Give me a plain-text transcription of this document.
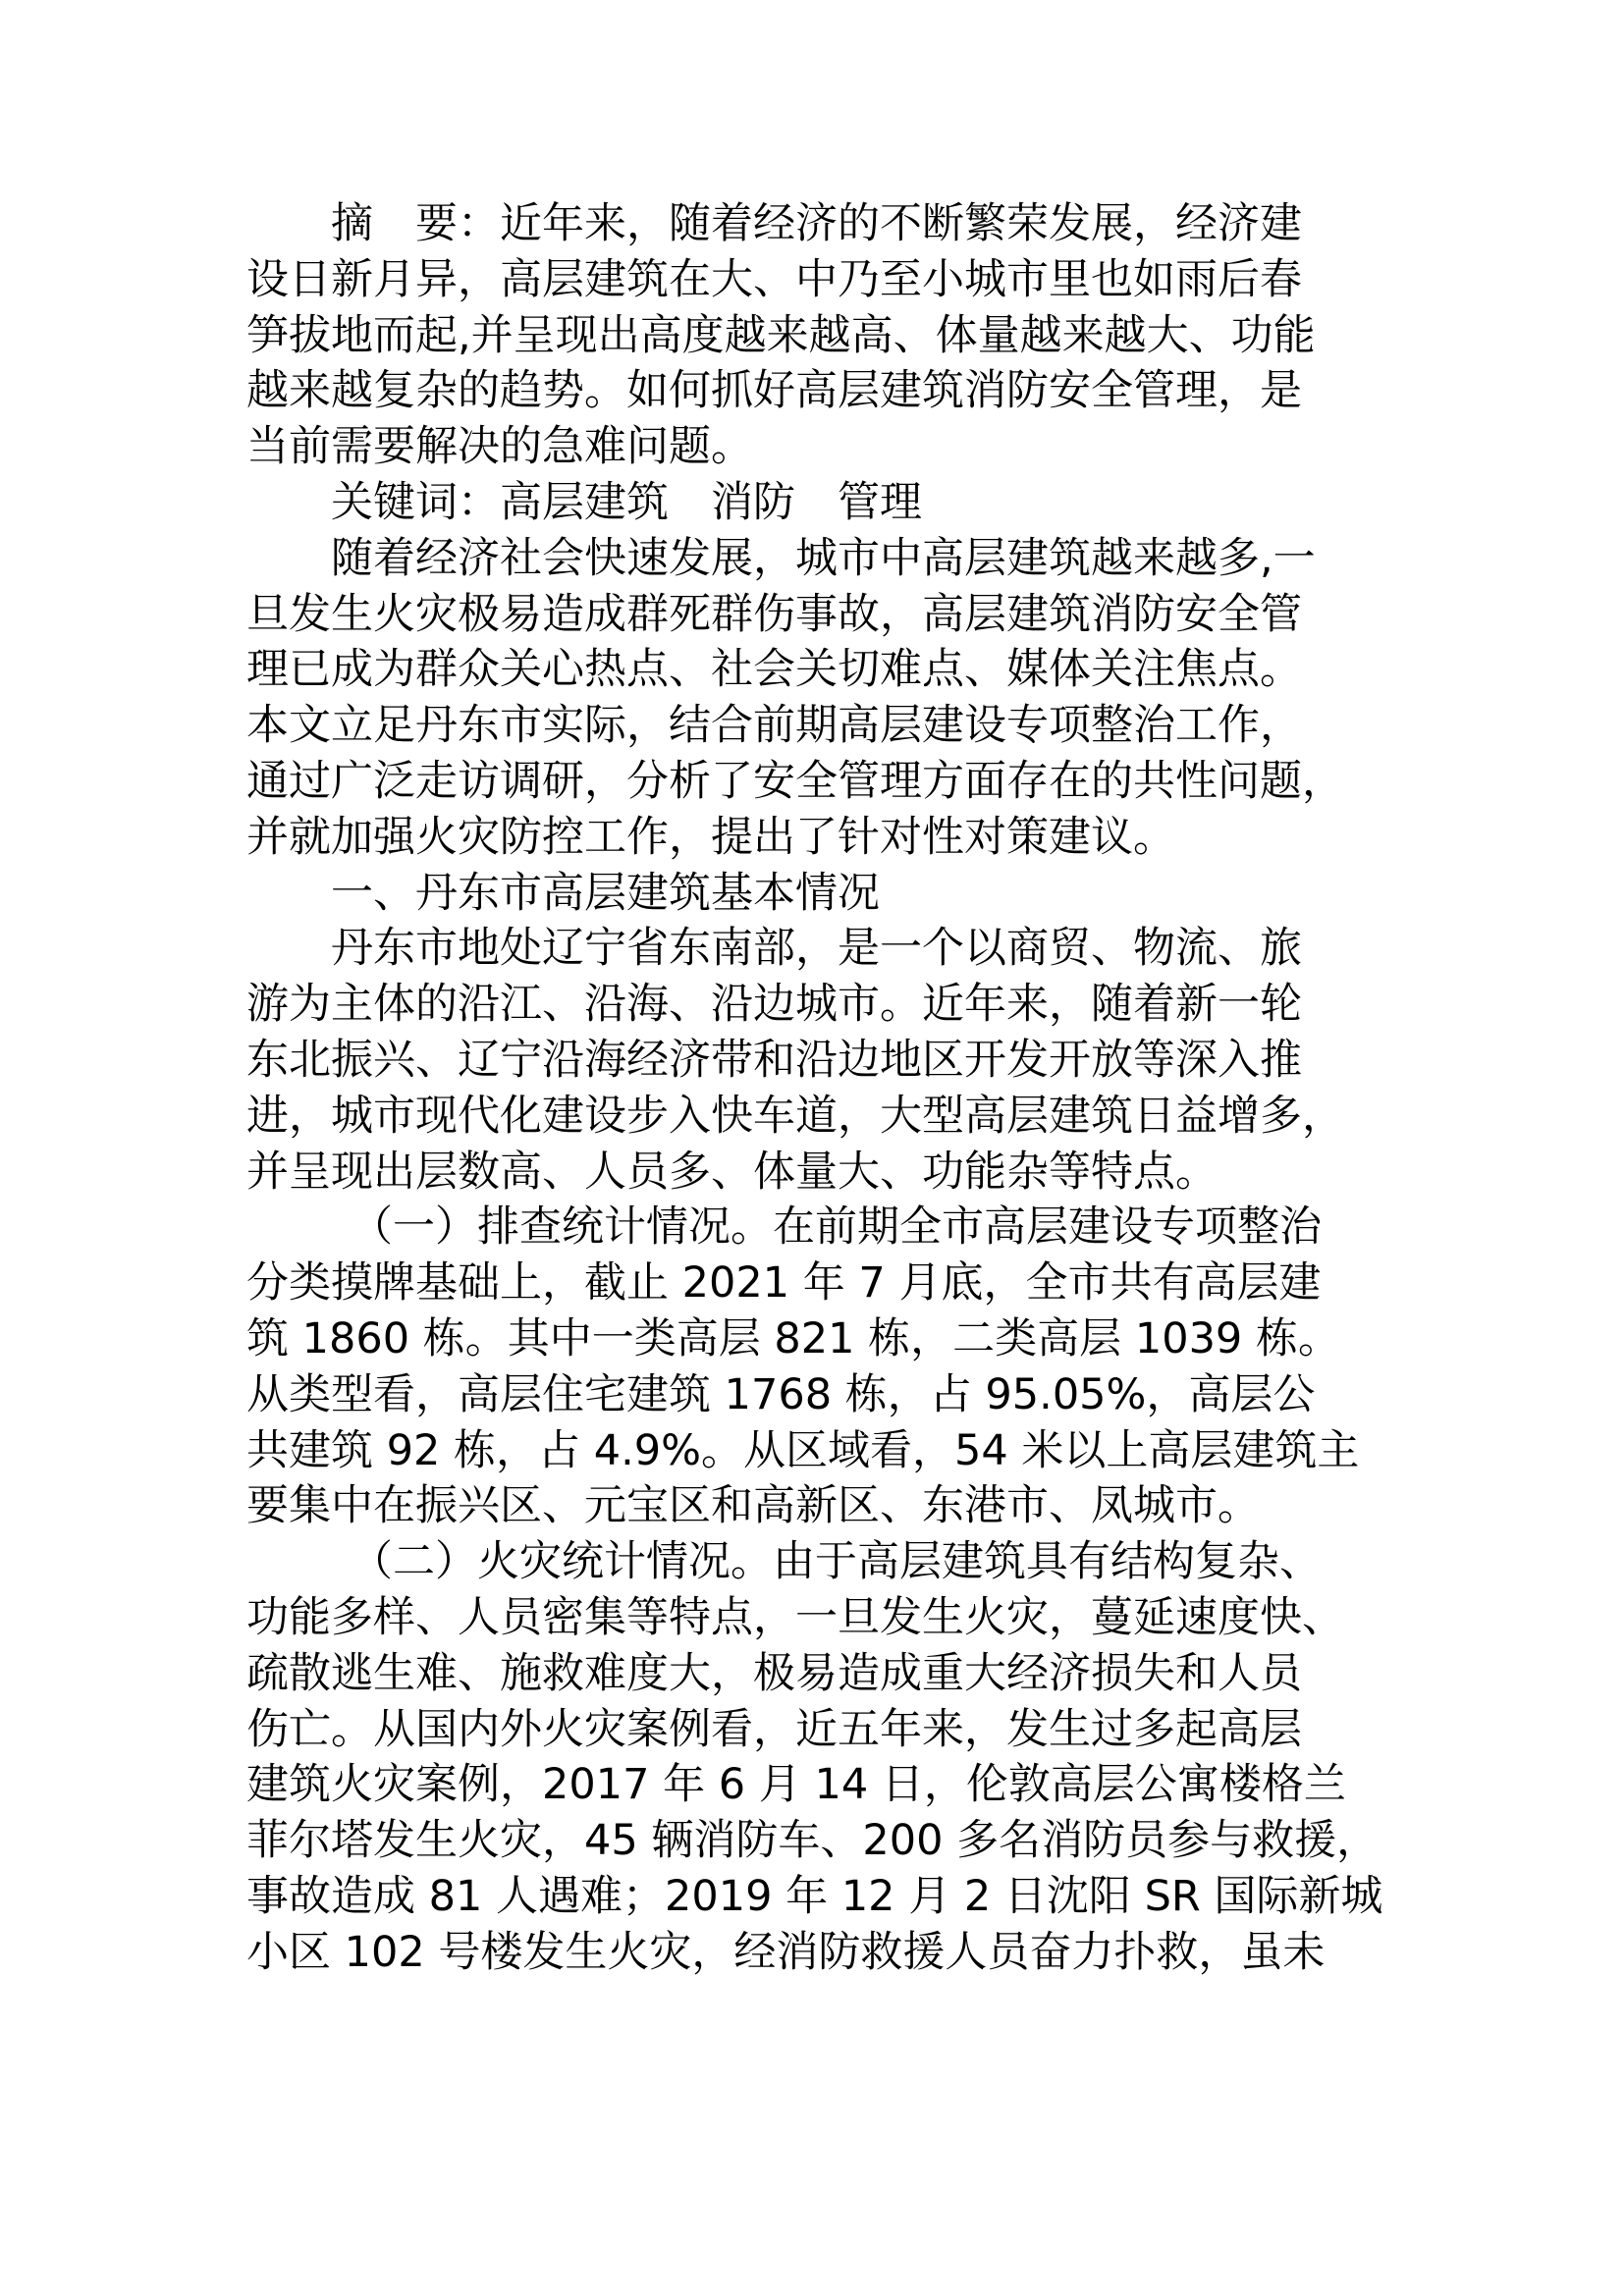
摘　要：近年来，随着经济的不断繁荣发展，经济建
设日新月异，高层建筑在大、中乃至小城市里也如雨后春
笋拔地而起,并呈现出高度越来越高、体量越来越大、功能
越来越复杂的趋势。如何抓好高层建筑消防安全管理，是
当前需要解决的急难问题。
关键词：高层建筑　消防　管理
随着经济社会快速发展，城市中高层建筑越来越多,一
旦发生火灾极易造成群死群伤事故，高层建筑消防安全管
理已成为群众关心热点、社会关切难点、媒体关注焦点。
本文立足丹东市实际，结合前期高层建设专项整治工作，
通过广泛走访调研，分析了安全管理方面存在的共性问题，
并就加强火灾防控工作，提出了针对性对策建议。
一、丹东市高层建筑基本情况
丹东市地处辽宁省东南部，是一个以商贸、物流、旅
游为主体的沿江、沿海、沿边城市。近年来，随着新一轮
东北振兴、辽宁沿海经济带和沿边地区开发开放等深入推
进，城市现代化建设步入快车道，大型高层建筑日益增多，
并呈现出层数高、人员多、体量大、功能杂等特点。
（一）排查统计情况。在前期全市高层建设专项整治
分类摸牌基础上，截止 2021 年 7 月底，全市共有高层建
筑 1860 栋。其中一类高层 821 栋，二类高层 1039 栋。
从类型看，高层住宅建筑 1768 栋，占 95.05%，高层公
共建筑 92 栋，占 4.9%。从区域看，54 米以上高层建筑主
要集中在振兴区、元宝区和高新区、东港市、凤城市。
（二）火灾统计情况。由于高层建筑具有结构复杂、
功能多样、人员密集等特点，一旦发生火灾，蔓延速度快、
疏散逃生难、施救难度大，极易造成重大经济损失和人员
伤亡。从国内外火灾案例看，近五年来，发生过多起高层
建筑火灾案例，2017 年 6 月 14 日，伦敦高层公寓楼格兰
菲尔塔发生火灾，45 辆消防车、200 多名消防员参与救援，
事故造成 81 人遇难；2019 年 12 月 2 日沈阳 SR 国际新城
小区 102 号楼发生火灾，经消防救援人员奋力扑救，虽未
